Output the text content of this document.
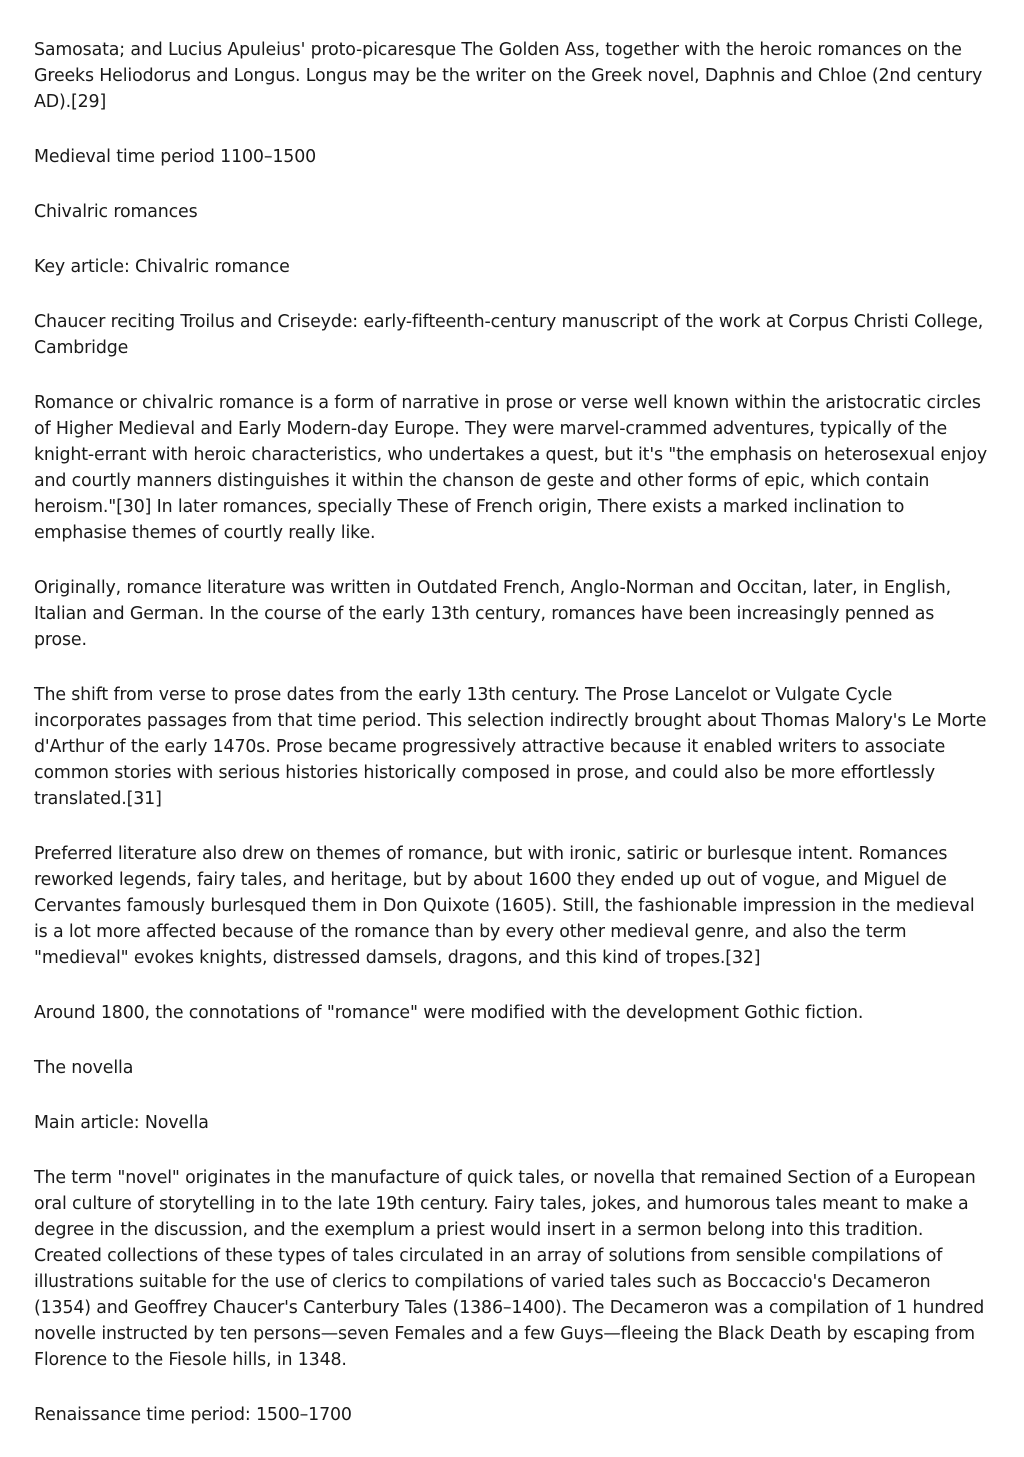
Samosata; and Lucius Apuleius' proto-picaresque The Golden Ass, together with the heroic romances on the Greeks Heliodorus and Longus. Longus may be the writer on the Greek novel, Daphnis and Chloe (2nd century AD).[29]

Medieval time period 1100–1500

Chivalric romances

Key article: Chivalric romance

Chaucer reciting Troilus and Criseyde: early-fifteenth-century manuscript of the work at Corpus Christi College, Cambridge

Romance or chivalric romance is a form of narrative in prose or verse well known within the aristocratic circles of Higher Medieval and Early Modern-day Europe. They were marvel-crammed adventures, typically of the knight-errant with heroic characteristics, who undertakes a quest, but it's "the emphasis on heterosexual enjoy and courtly manners distinguishes it within the chanson de geste and other forms of epic, which contain heroism."[30] In later romances, specially These of French origin, There exists a marked inclination to emphasise themes of courtly really like.

Originally, romance literature was written in Outdated French, Anglo-Norman and Occitan, later, in English, Italian and German. In the course of the early 13th century, romances have been increasingly penned as prose.

The shift from verse to prose dates from the early 13th century. The Prose Lancelot or Vulgate Cycle incorporates passages from that time period. This selection indirectly brought about Thomas Malory's Le Morte d'Arthur of the early 1470s. Prose became progressively attractive because it enabled writers to associate common stories with serious histories historically composed in prose, and could also be more effortlessly translated.[31]

Preferred literature also drew on themes of romance, but with ironic, satiric or burlesque intent. Romances reworked legends, fairy tales, and heritage, but by about 1600 they ended up out of vogue, and Miguel de Cervantes famously burlesqued them in Don Quixote (1605). Still, the fashionable impression in the medieval is a lot more affected because of the romance than by every other medieval genre, and also the term "medieval" evokes knights, distressed damsels, dragons, and this kind of tropes.[32]

Around 1800, the connotations of "romance" were modified with the development Gothic fiction.

The novella

Main article: Novella

The term "novel" originates in the manufacture of quick tales, or novella that remained Section of a European oral culture of storytelling in to the late 19th century. Fairy tales, jokes, and humorous tales meant to make a degree in the discussion, and the exemplum a priest would insert in a sermon belong into this tradition. Created collections of these types of tales circulated in an array of solutions from sensible compilations of illustrations suitable for the use of clerics to compilations of varied tales such as Boccaccio's Decameron (1354) and Geoffrey Chaucer's Canterbury Tales (1386–1400). The Decameron was a compilation of 1 hundred novelle instructed by ten persons—seven Females and a few Guys—fleeing the Black Death by escaping from Florence to the Fiesole hills, in 1348.

Renaissance time period: 1500–1700
